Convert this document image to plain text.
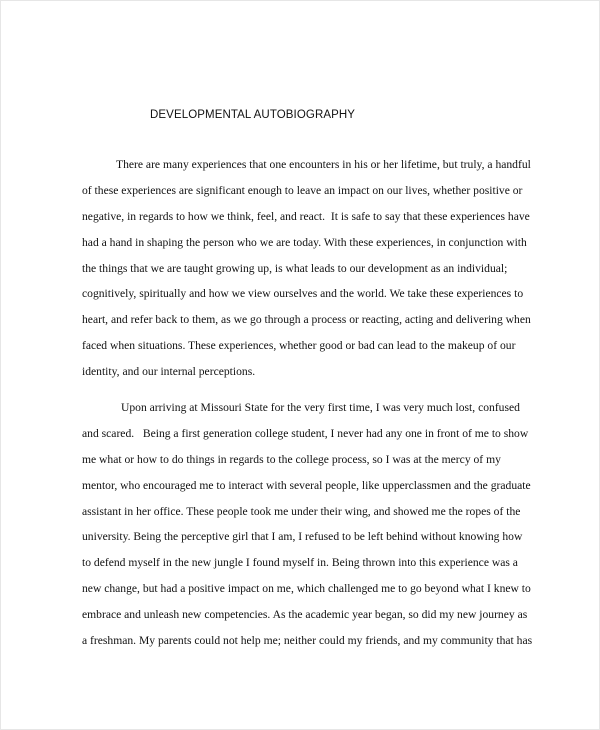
DEVELOPMENTAL AUTOBIOGRAPHY
There are many experiences that one encounters in his or her lifetime, but truly, a handful
of these experiences are significant enough to leave an impact on our lives, whether positive or
negative, in regards to how we think, feel, and react.  It is safe to say that these experiences have
had a hand in shaping the person who we are today. With these experiences, in conjunction with
the things that we are taught growing up, is what leads to our development as an individual;
cognitively, spiritually and how we view ourselves and the world. We take these experiences to
heart, and refer back to them, as we go through a process or reacting, acting and delivering when
faced when situations. These experiences, whether good or bad can lead to the makeup of our
identity, and our internal perceptions.
Upon arriving at Missouri State for the very first time, I was very much lost, confused
and scared.   Being a first generation college student, I never had any one in front of me to show
me what or how to do things in regards to the college process, so I was at the mercy of my
mentor, who encouraged me to interact with several people, like upperclassmen and the graduate
assistant in her office. These people took me under their wing, and showed me the ropes of the
university. Being the perceptive girl that I am, I refused to be left behind without knowing how
to defend myself in the new jungle I found myself in. Being thrown into this experience was a
new change, but had a positive impact on me, which challenged me to go beyond what I knew to
embrace and unleash new competencies. As the academic year began, so did my new journey as
a freshman. My parents could not help me; neither could my friends, and my community that has
